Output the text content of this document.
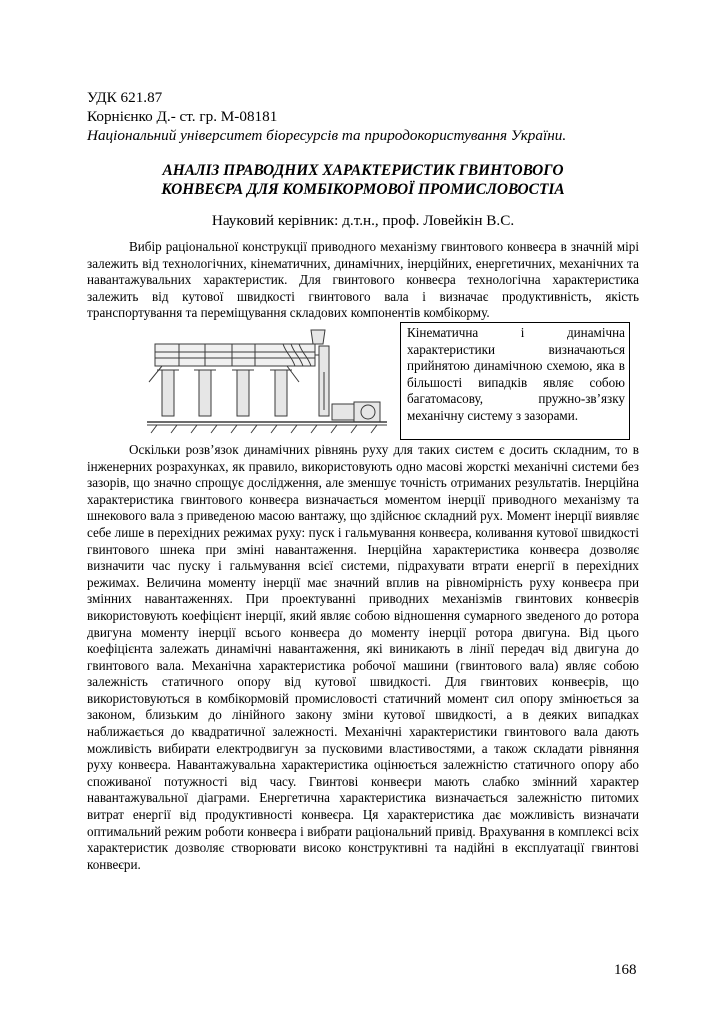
УДК 621.87
Корнієнко Д.- ст. гр. М-08181
Національний університет біоресурсів та природокористування України.
АНАЛІЗ ПРАВОДНИХ ХАРАКТЕРИСТИК ГВИНТОВОГО
КОНВЕЄРА ДЛЯ КОМБІКОРМОВОЇ ПРОМИСЛОВОСТІА
Науковий керівник: д.т.н., проф. Ловейкін В.С.

Вибір раціональної конструкції приводного механізму гвинтового конвеєра в значній мірі залежить від технологічних, кінематичних, динамічних, інерційних, енергетичних, механічних та навантажувальних характеристик. Для гвинтового конвеєра технологічна характеристика залежить від кутової швидкості гвинтового вала і визначає продуктивність, якість транспортування та переміщування складових компонентів комбікорму.

Кінематична і динамічна характеристики визначаються прийнятою динамічною схемою, яка в більшості випадків являє собою багатомасову, пружно-зв’язку механічну систему з зазорами.

Оскільки розв’язок динамічних рівнянь руху для таких систем є досить складним, то в інженерних розрахунках, як правило, використовують одно масові жорсткі механічні системи без зазорів, що значно спрощує дослідження, але зменшує точність отриманих результатів. Інерційна характеристика гвинтового конвеєра визначається моментом інерції приводного механізму та шнекового вала з приведеною масою вантажу, що здійснює складний рух. Момент інерції виявляє себе лише в перехідних режимах руху: пуск і гальмування конвеєра, коливання кутової швидкості гвинтового шнека при зміні навантаження. Інерційна характеристика конвеєра дозволяє визначити час пуску і гальмування всієї системи, підрахувати втрати енергії в перехідних режимах. Величина моменту інерції має значний вплив на рівномірність руху конвеєра при змінних навантаженнях. При проектуванні приводних механізмів гвинтових конвеєрів використовують коефіцієнт інерції, який являє собою відношення сумарного зведеного до ротора двигуна моменту інерції всього конвеєра до моменту інерції ротора двигуна. Від цього коефіцієнта залежать динамічні навантаження, які виникають в лінії передач від двигуна до гвинтового вала. Механічна характеристика робочої машини (гвинтового вала) являє собою залежність статичного опору від кутової швидкості. Для гвинтових конвеєрів, що використовуються в комбікормовій промисловості статичний момент сил опору змінюється за законом, близьким до лінійного закону зміни кутової швидкості, а в деяких випадках наближається до квадратичної залежності. Механічні характеристики гвинтового вала дають можливість вибирати електродвигун за пусковими властивостями, а також складати рівняння руху конвеєра. Навантажувальна характеристика оцінюється залежністю статичного опору або споживаної потужності від часу. Гвинтові конвеєри мають слабко змінний характер навантажувальної діаграми. Енергетична характеристика визначається залежністю питомих витрат енергії від продуктивності конвеєра. Ця характеристика дає можливість визначати оптимальний режим роботи конвеєра і вибрати раціональний привід. Врахування в комплексі всіх характеристик дозволяє створювати високо конструктивні та надійні в експлуатації гвинтові конвеєри.

168
